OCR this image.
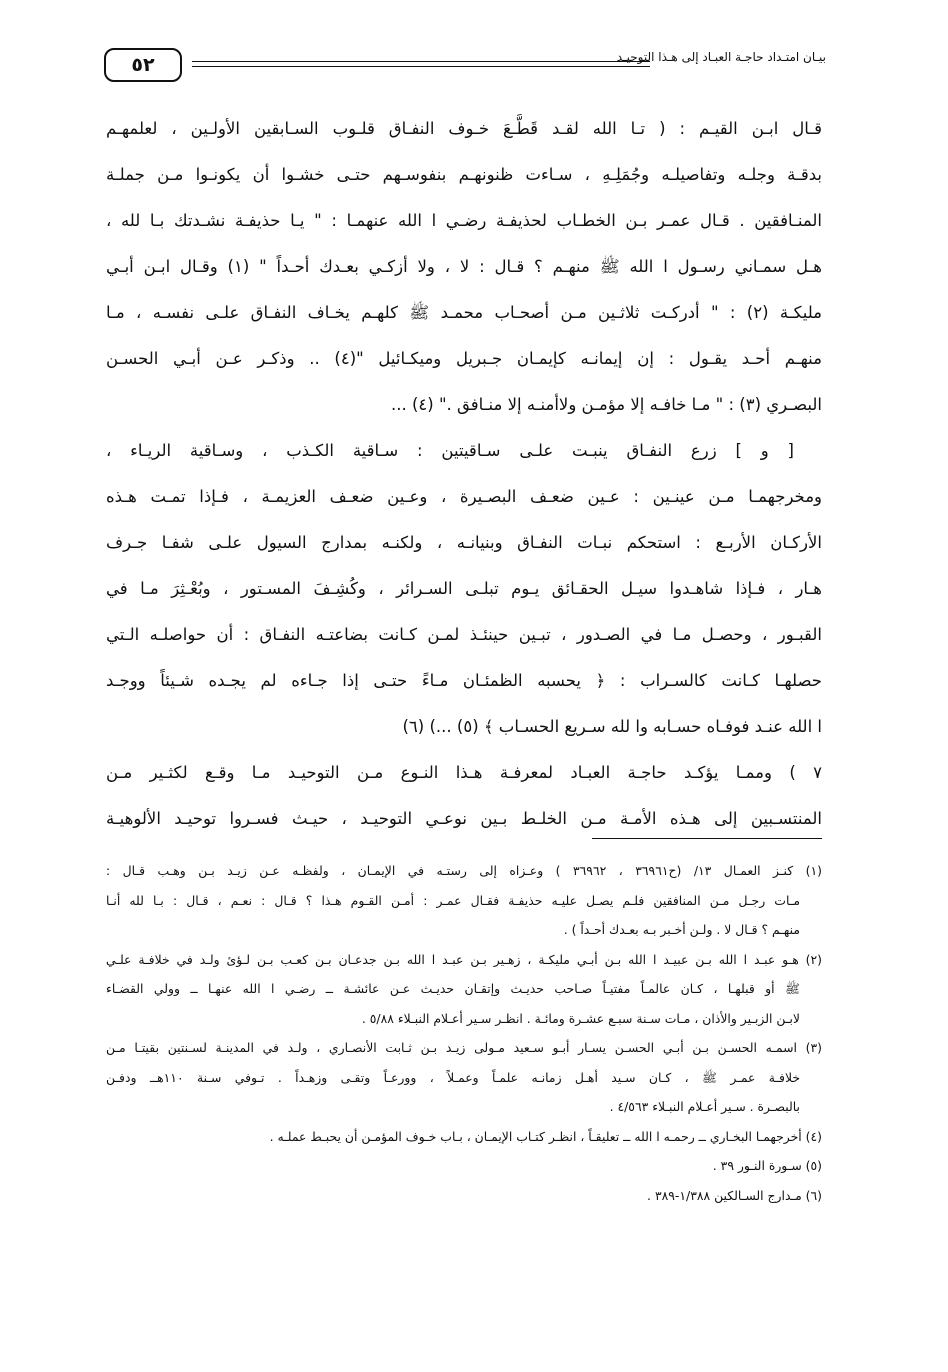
٥٢	بيـان امتـداد حاجـة العبـاد إلى هـذا التوحيـد
قـال ابـن القيـم : ( تـا الله لقـد قَطَّـعَ خـوف النفـاق قلـوب السـابقين الأولـين ، لعلمهـم
بدقـة وجلـه وتفاصيلـه وجُمَلِـهِ ، سـاءت ظنونهـم بنفوسـهم حتـى خشـوا أن يكونـوا مـن جملـة
المنـافقين . قـال عمـر بـن الخطـاب لحذيفـة رضـي ا الله عنهمـا : " يـا حذيفـة نشـدتك بـا لله ،
هـل سمـاني رسـول ا الله ﷺ منهـم ؟ قـال : لا ، ولا أزكـي بعـدك أحـداً " (١) وقـال ابـن أبـي
مليكـة (٢) : " أدركـت ثلاثـين مـن أصحـاب محمـد ﷺ كلهـم يخـاف النفـاق علـى نفسـه ، مـا
منهـم أحـد يقـول : إن إيمانـه كإيمـان جـبريل وميكـائيل "(٤) .. وذكـر عـن أبـي الحسـن
البصـري (٣) : " مـا خافـه إلا مؤمـن ولاأمنـه إلا منـافق ." (٤) ...
[ و ] زرع النفـاق ينبـت علـى سـاقيتين : سـاقية الكـذب ، وسـاقية الريـاء ،
ومخرجهمـا مـن عينـين : عـين ضعـف البصـيرة ، وعـين ضعـف العزيمـة ، فـإذا تمـت هـذه
الأركـان الأربـع : استحكم نبـات النفـاق وبنيانـه ، ولكنـه بمدارج السيول علـى شفـا جـرف
هـار ، فـإذا شاهـدوا سيـل الحقـائق يـوم تبلـى السـرائر ، وكُشِـفَ المسـتور ، وبُعْـثِرَ مـا في
القبـور ، وحصـل مـا في الصـدور ، تبـين حينئـذ لمـن كـانت بضاعتـه النفـاق : أن حواصلـه الـتي
حصلهـا كـانت كالسـراب : ﴿ يحسبه الظمئـان مـاءً حتـى إذا جـاءه لم يجـده شـيئاً ووجـد
ا الله عنـد فوفـاه حسـابه وا لله سـريع الحسـاب ﴾ (٥) ...) (٦)
٧ ) وممـا يؤكـد حاجـة العبـاد لمعرفـة هـذا النـوع مـن التوحيـد مـا وقـع لكثـير مـن
المنتسـبين إلى هـذه الأمـة مـن الخلـط بـين نوعـي التوحيـد ، حيـث فسـروا توحيـد الألوهيـة
(١) كنـز العمـال ١٣/ (ح٣٦٩٦١ ، ٣٦٩٦٢ ) وعـزاه إلى رستـه في الإيمـان ، ولفظـه عـن زيـد بـن وهـب قـال :
مـات رجـل مـن المنافقين فلـم يصـل عليـه حذيفـة فقـال عمـر : أمـن القـوم هـذا ؟ قـال : نعـم ، قـال : بـا لله أنـا
منهـم ؟ قـال لا . ولـن أخـبر بـه بعـدك أحـداً ) .
(٢) هـو عبـد ا الله بـن عبيـد ا الله بـن أبـي مليكـة ، زهـير بـن عبـد ا الله بـن جدعـان بـن كعـب بـن لـؤئ ولـد في خلافـة علـي
ﷺ أو قبلهـا ، كـان عالمـاً مفتيـاً صـاحب حديـث وإتقـان حديـث عـن عائشـة ــ رضـي ا الله عنهـا ــ وولي القضـاء
لابـن الزبـير والأذان ، مـات سـنة سبـع عشـرة ومائـة . انظـر سـير أعـلام النبـلاء ٥/٨٨ .
(٣) اسمـه الحسـن بـن أبـي الحسـن يسـار أبـو سـعيد مـولى زيـد بـن ثـابت الأنصـاري ، ولـد في المدينـة لسـنتين بقيتـا مـن
خلافـة عمـر ﷺ ، كـان سـيد أهـل زمانـه علمـاً وعمـلاً ، وورعـاً وتقـى وزهـداً . تـوفي سـنة ١١٠هــ ودفـن
بالبصـرة . سـير أعـلام النبـلاء ٤/٥٦٣ .
(٤) أخرجهمـا البخـاري ــ رحمـه ا الله ــ تعليقـاً ، انظـر كتـاب الإيمـان ، بـاب خـوف المؤمـن أن يحبـط عملـه .
(٥) سـورة النـور ٣٩ .
(٦) مـدارج السـالكين ١/٣٨٨-٣٨٩ .
